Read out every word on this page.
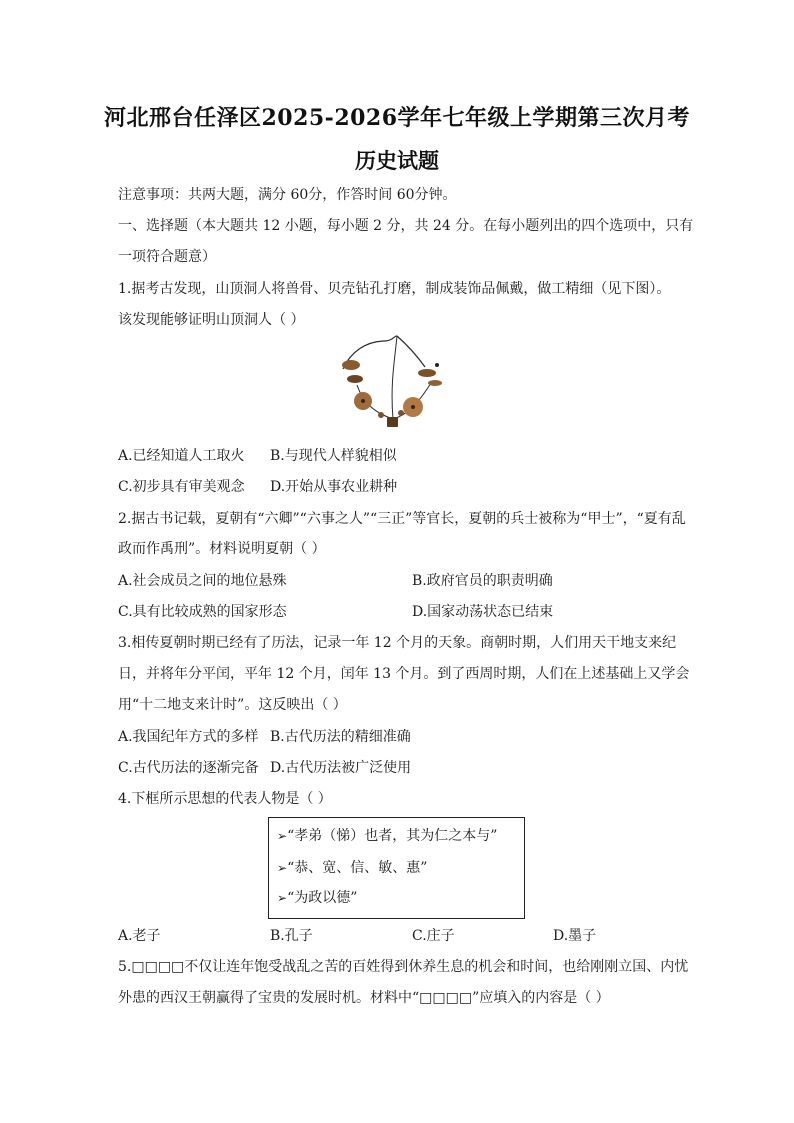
河北邢台任泽区2025-2026学年七年级上学期第三次月考
历史试题
注意事项：共两大题，满分 60分，作答时间 60分钟。
一、选择题（本大题共 12 小题，每小题 2 分，共 24 分。在每小题列出的四个选项中，只有
一项符合题意）
1.据考古发现，山顶洞人将兽骨、贝壳钻孔打磨，制成装饰品佩戴，做工精细（见下图）。
该发现能够证明山顶洞人（ ）
A.已经知道人工取火 B.与现代人样貌相似
C.初步具有审美观念 D.开始从事农业耕种
2.据古书记载，夏朝有“六卿”“六事之人”“三正”等官长，夏朝的兵士被称为“甲士”，“夏有乱
政而作禹刑”。材料说明夏朝（ ）
A.社会成员之间的地位悬殊	B.政府官员的职责明确
C.具有比较成熟的国家形态	D.国家动荡状态已结束
3.相传夏朝时期已经有了历法，记录一年 12 个月的天象。商朝时期，人们用天干地支来纪
日，并将年分平闰，平年 12 个月，闰年 13 个月。到了西周时期，人们在上述基础上又学会
用“十二地支来计时”。这反映出（ ）
A.我国纪年方式的多样 B.古代历法的精细准确
C.古代历法的逐渐完备 D.古代历法被广泛使用
4.下框所示思想的代表人物是（ ）
➢“孝弟（悌）也者，其为仁之本与”
➢“恭、宽、信、敏、惠”
➢“为政以德”
A.老子	B.孔子	C.庄子	D.墨子
5.□□□□不仅让连年饱受战乱之苦的百姓得到休养生息的机会和时间，也给刚刚立国、内忧
外患的西汉王朝赢得了宝贵的发展时机。材料中“□□□□”应填入的内容是（ ）
